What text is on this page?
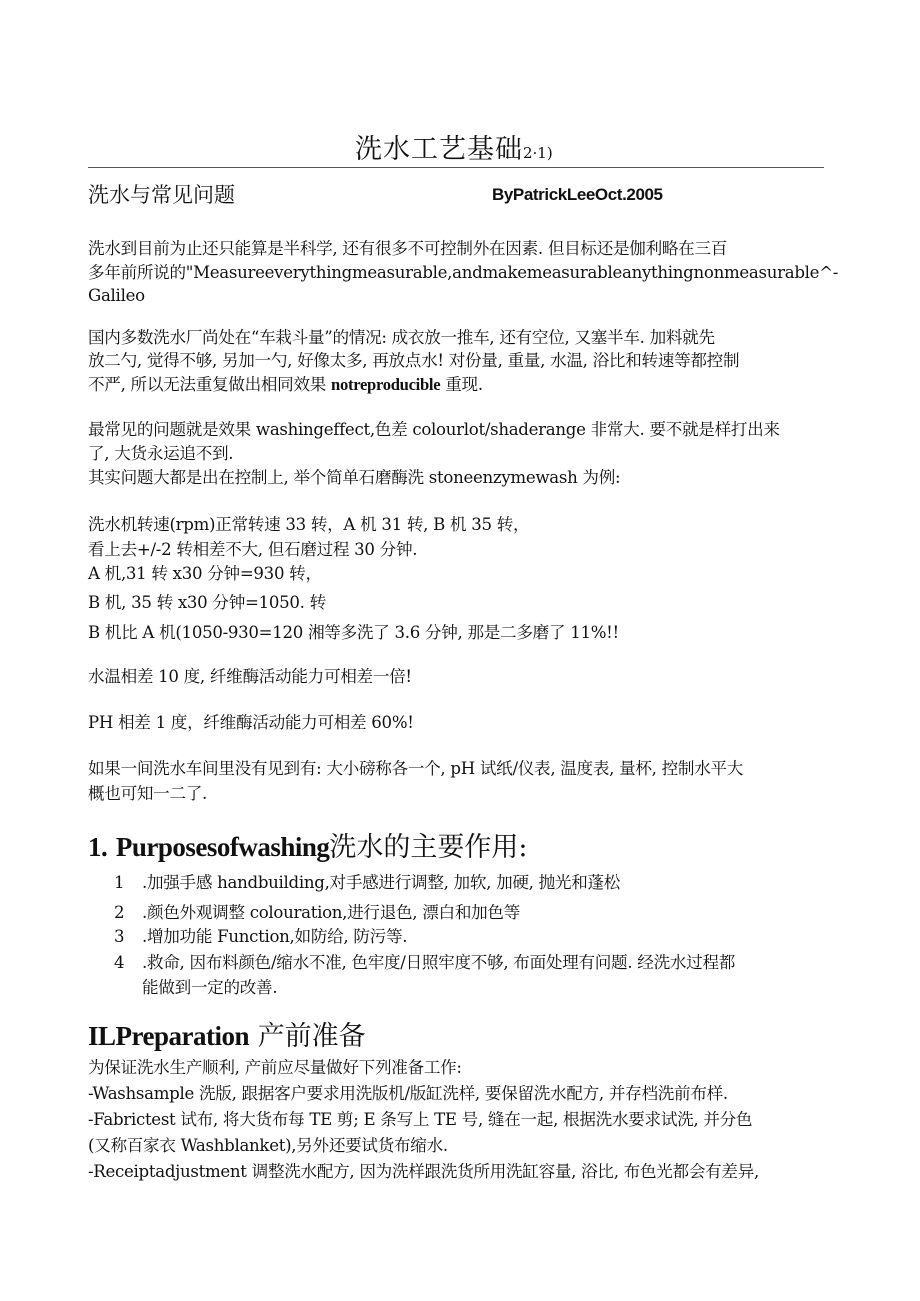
洗水工艺基础2·1)
洗水与常见问题	ByPatrickLeeOct.2005
洗水到目前为止还只能算是半科学, 还有很多不可控制外在因素. 但目标还是伽利略在三百
多年前所说的"Measureeverythingmeasurable,andmakemeasurableanythingnonmeasurable^-
Galileo
国内多数洗水厂尚处在“车栽斗量”的情况: 成衣放一推车, 还有空位, 又塞半车. 加料就先
放二勺, 觉得不够, 另加一勺, 好像太多, 再放点水! 对份量, 重量, 水温, 浴比和转速等都控制
不严, 所以无法重复做出相同效果 notreproducible 重现.
最常见的问题就是效果 washingeffect,色差 colourlot/shaderange 非常大. 要不就是样打出来
了, 大货永运追不到.
其实问题大都是出在控制上, 举个简单石磨酶洗 stoneenzymewash 为例:
洗水机转速(rpm)正常转速 33 转，A 机 31 转, B 机 35 转，
看上去+/-2 转相差不大, 但石磨过程 30 分钟.
A 机,31 转 x30 分钟=930 转，
B 机, 35 转 x30 分钟=1050. 转
B 机比 A 机(1050-930=120 湘等多洗了 3.6 分钟, 那是二多磨了 11%!!
水温相差 10 度, 纤维酶活动能力可相差一倍!
PH 相差 1 度，纤维酶活动能力可相差 60%!
如果一间洗水车间里没有见到有: 大小磅称各一个, pH 试纸/仪表, 温度表, 量杯, 控制水平大
概也可知一二了.
1. Purposesofwashing洗水的主要作用:
1 .加强手感 handbuilding,对手感进行调整, 加软, 加硬, 抛光和蓬松
2 .颜色外观调整 colouration,进行退色, 漂白和加色等
3 .增加功能 Function,如防给, 防污等.
4 .救命, 因布料颜色/缩水不准, 色牢度/日照牢度不够, 布面处理有问题. 经洗水过程都
能做到一定的改善.
ILPreparation 产前准备
为保证洗水生产顺利, 产前应尽量做好下列准备工作:
-Washsample 洗版, 跟据客户要求用洗版机/版缸洗样, 要保留洗水配方, 并存档洗前布样.
-Fabrictest 试布, 将大货布每 TE 剪; E 条写上 TE 号, 缝在一起, 根据洗水要求试洗, 并分色
(又称百家衣 Washblanket),另外还要试货布缩水.
-Receiptadjustment 调整洗水配方, 因为洗样跟洗货所用洗缸容量, 浴比, 布色光都会有差异,
